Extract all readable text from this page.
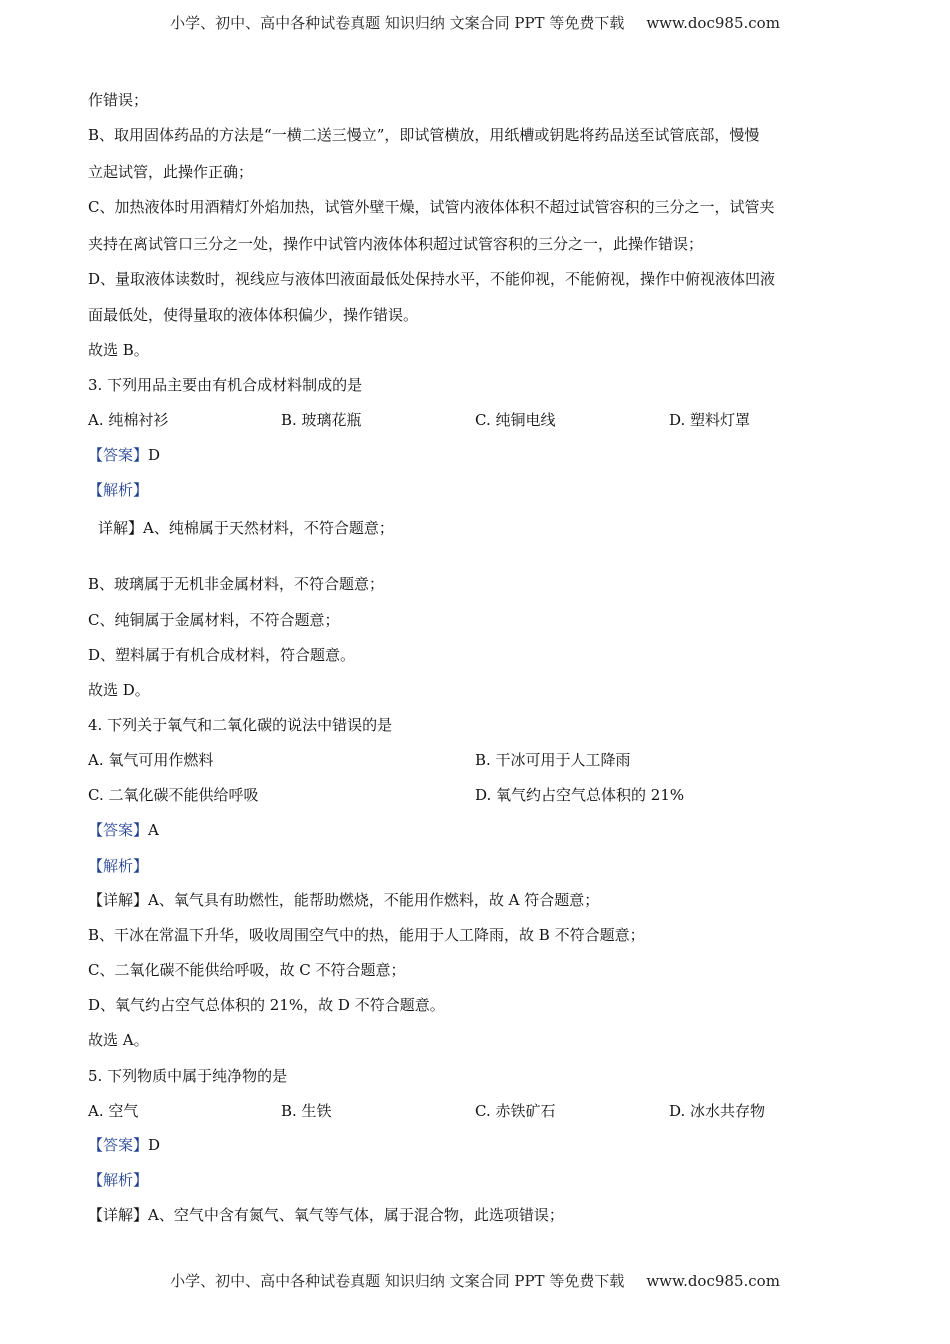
小学、初中、高中各种试卷真题 知识归纳 文案合同 PPT 等免费下载 www.doc985.com
作错误；
B、取用固体药品的方法是“一横二送三慢立”，即试管横放，用纸槽或钥匙将药品送至试管底部，慢慢
立起试管，此操作正确；
C、加热液体时用酒精灯外焰加热，试管外壁干燥，试管内液体体积不超过试管容积的三分之一，试管夹
夹持在离试管口三分之一处，操作中试管内液体体积超过试管容积的三分之一，此操作错误；
D、量取液体读数时，视线应与液体凹液面最低处保持水平，不能仰视，不能俯视，操作中俯视液体凹液
面最低处，使得量取的液体体积偏少，操作错误。
故选 B。
3. 下列用品主要由有机合成材料制成的是
A. 纯棉衬衫	B. 玻璃花瓶	C. 纯铜电线	D. 塑料灯罩
【答案】D
【解析】
详解】A、纯棉属于天然材料，不符合题意；
B、玻璃属于无机非金属材料，不符合题意；
C、纯铜属于金属材料，不符合题意；
D、塑料属于有机合成材料，符合题意。
故选 D。
4. 下列关于氧气和二氧化碳的说法中错误的是
A. 氧气可用作燃料	B. 干冰可用于人工降雨
C. 二氧化碳不能供给呼吸	D. 氧气约占空气总体积的 21%
【答案】A
【解析】
【详解】A、氧气具有助燃性，能帮助燃烧，不能用作燃料，故 A 符合题意；
B、干冰在常温下升华，吸收周围空气中的热，能用于人工降雨，故 B 不符合题意；
C、二氧化碳不能供给呼吸，故 C 不符合题意；
D、氧气约占空气总体积的 21%，故 D 不符合题意。
故选 A。
5. 下列物质中属于纯净物的是
A. 空气	B. 生铁	C. 赤铁矿石	D. 冰水共存物
【答案】D
【解析】
【详解】A、空气中含有氮气、氧气等气体，属于混合物，此选项错误；
小学、初中、高中各种试卷真题 知识归纳 文案合同 PPT 等免费下载 www.doc985.com
